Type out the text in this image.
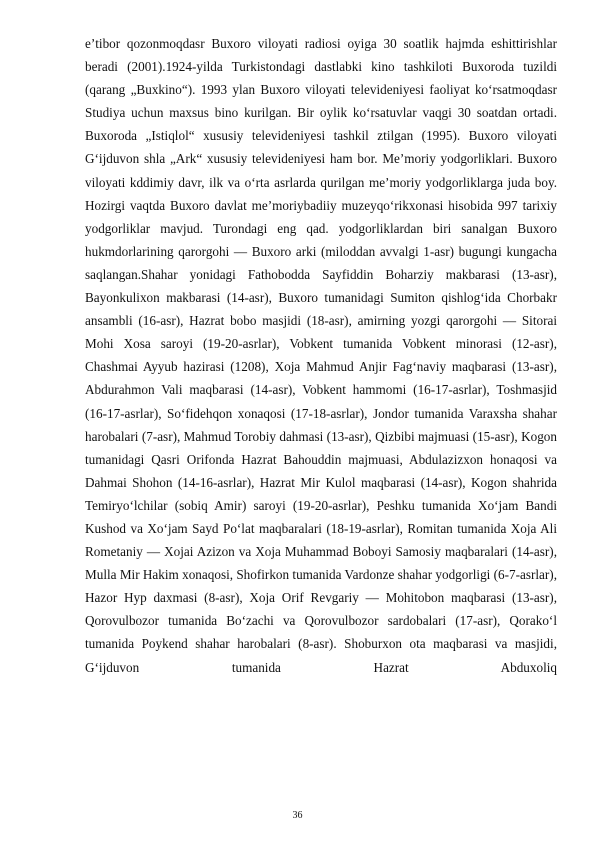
eʼtibor qozonmoqdasr Buxoro viloyati radiosi oyiga 30 soatlik hajmda eshittirishlar beradi (2001).1924-yilda Turkistondagi dastlabki kino tashkiloti Buxoroda tuzildi (qarang „Buxkino“). 1993 ylan Buxoro viloyati televideniyesi faoliyat koʻrsatmoqdasr Studiya uchun maxsus bino kurilgan. Bir oylik koʻrsatuvlar vaqgi 30 soatdan ortadi. Buxoroda „Istiqlol“ xususiy televideniyesi tashkil ztilgan (1995). Buxoro viloyati Gʻijduvon shla „Ark“ xususiy televideniyesi ham bor. Meʼmoriy yodgorliklari. Buxoro viloyati kddimiy davr, ilk va oʻrta asrlarda qurilgan meʼmoriy yodgorliklarga juda boy. Hozirgi vaqtda Buxoro davlat meʼmoriybadiiy muzeyqoʻrikxonasi hisobida 997 tarixiy yodgorliklar mavjud. Turondagi eng qad. yodgorliklardan biri sanalgan Buxoro hukmdorlarining qarorgohi — Buxoro arki (miloddan avvalgi 1-asr) bugungi kungacha saqlangan.Shahar yonidagi Fathobodda Sayfiddin Boharziy makbarasi (13-asr), Bayonkulixon makbarasi (14-asr), Buxoro tumanidagi Sumiton qishlogʻida Chorbakr ansambli (16-asr), Hazrat bobo masjidi (18-asr), amirning yozgi qarorgohi — Sitorai Mohi Xosa saroyi (19-20-asrlar), Vobkent tumanida Vobkent minorasi (12-asr), Chashmai Ayyub hazirasi (1208), Xoja Mahmud Anjir Fagʻnaviy maqbarasi (13-asr), Abdurahmon Vali maqbarasi (14-asr), Vobkent hammomi (16-17-asrlar), Toshmasjid (16-17-asrlar), Soʻfidehqon xonaqosi (17-18-asrlar), Jondor tumanida Varaxsha shahar harobalari (7-asr), Mahmud Torobiy dahmasi (13-asr), Qizbibi majmuasi (15-asr), Kogon tumanidagi Qasri Orifonda Hazrat Bahouddin majmuasi, Abdulazizxon honaqosi va Dahmai Shohon (14-16-asrlar), Hazrat Mir Kulol maqbarasi (14-asr), Kogon shahrida Temiryoʻlchilar (sobiq Amir) saroyi (19-20-asrlar), Peshku tumanida Xoʻjam Bandi Kushod va Xoʻjam Sayd Poʻlat maqbaralari (18-19-asrlar), Romitan tumanida Xoja Ali Rometaniy — Xojai Azizon va Xoja Muhammad Boboyi Samosiy maqbaralari (14-asr), Mulla Mir Hakim xonaqosi, Shofirkon tumanida Vardonze shahar yodgorligi (6-7-asrlar), Hazor Hyp daxmasi (8-asr), Xoja Orif Revgariy — Mohitobon maqbarasi (13-asr), Qorovulbozor tumanida Boʻzachi va Qorovulbozor sardobalari (17-asr), Qorakoʻl tumanida Poykend shahar harobalari (8-asr). Shoburxon ota maqbarasi va masjidi, Gʻijduvon tumanida Hazrat Abduxoliq

36
